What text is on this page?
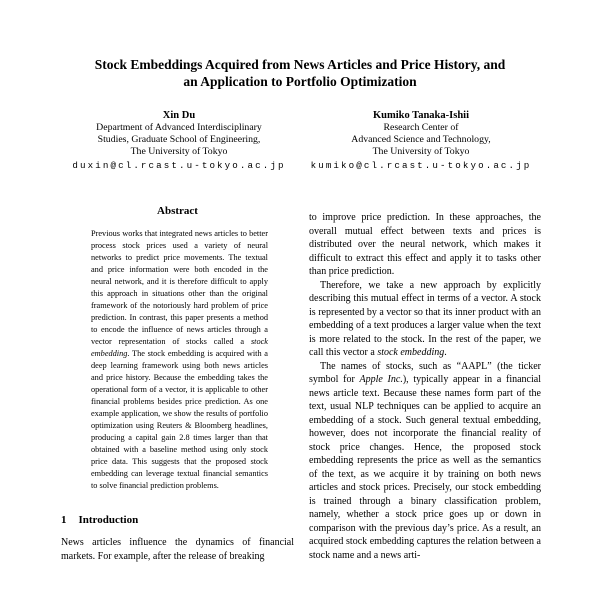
Stock Embeddings Acquired from News Articles and Price History, and
an Application to Portfolio Optimization
Xin Du
Department of Advanced Interdisciplinary
Studies, Graduate School of Engineering,
The University of Tokyo
duxin@cl.rcast.u-tokyo.ac.jp
Kumiko Tanaka-Ishii
Research Center of
Advanced Science and Technology,
The University of Tokyo
kumiko@cl.rcast.u-tokyo.ac.jp
Abstract

Previous works that integrated news articles to better process stock prices used a variety of neural networks to predict price movements. The textual and price information were both encoded in the neural network, and it is therefore difficult to apply this approach in situations other than the original framework of the notoriously hard problem of price prediction. In contrast, this paper presents a method to encode the influence of news articles through a vector representation of stocks called a stock embedding. The stock embedding is acquired with a deep learning framework using both news articles and price history. Because the embedding takes the operational form of a vector, it is applicable to other financial problems besides price prediction. As one example application, we show the results of portfolio optimization using Reuters & Bloomberg headlines, producing a capital gain 2.8 times larger than that obtained with a baseline method using only stock price data. This suggests that the proposed stock embedding can leverage textual financial semantics to solve financial prediction problems.

1 Introduction

News articles influence the dynamics of financial markets. For example, after the release of breaking

to improve price prediction. In these approaches, the overall mutual effect between texts and prices is distributed over the neural network, which makes it difficult to extract this effect and apply it to tasks other than price prediction.

Therefore, we take a new approach by explicitly describing this mutual effect in terms of a vector. A stock is represented by a vector so that its inner product with an embedding of a text produces a larger value when the text is more related to the stock. In the rest of the paper, we call this vector a stock embedding.

The names of stocks, such as “AAPL” (the ticker symbol for Apple Inc.), typically appear in a financial news article text. Because these names form part of the text, usual NLP techniques can be applied to acquire an embedding of a stock. Such general textual embedding, however, does not incorporate the financial reality of stock price changes. Hence, the proposed stock embedding represents the price as well as the semantics of the text, as we acquire it by training on both news articles and stock prices. Precisely, our stock embedding is trained through a binary classification problem, namely, whether a stock price goes up or down in comparison with the previous day’s price. As a result, an acquired stock embedding captures the relation between a stock name and a news arti-
